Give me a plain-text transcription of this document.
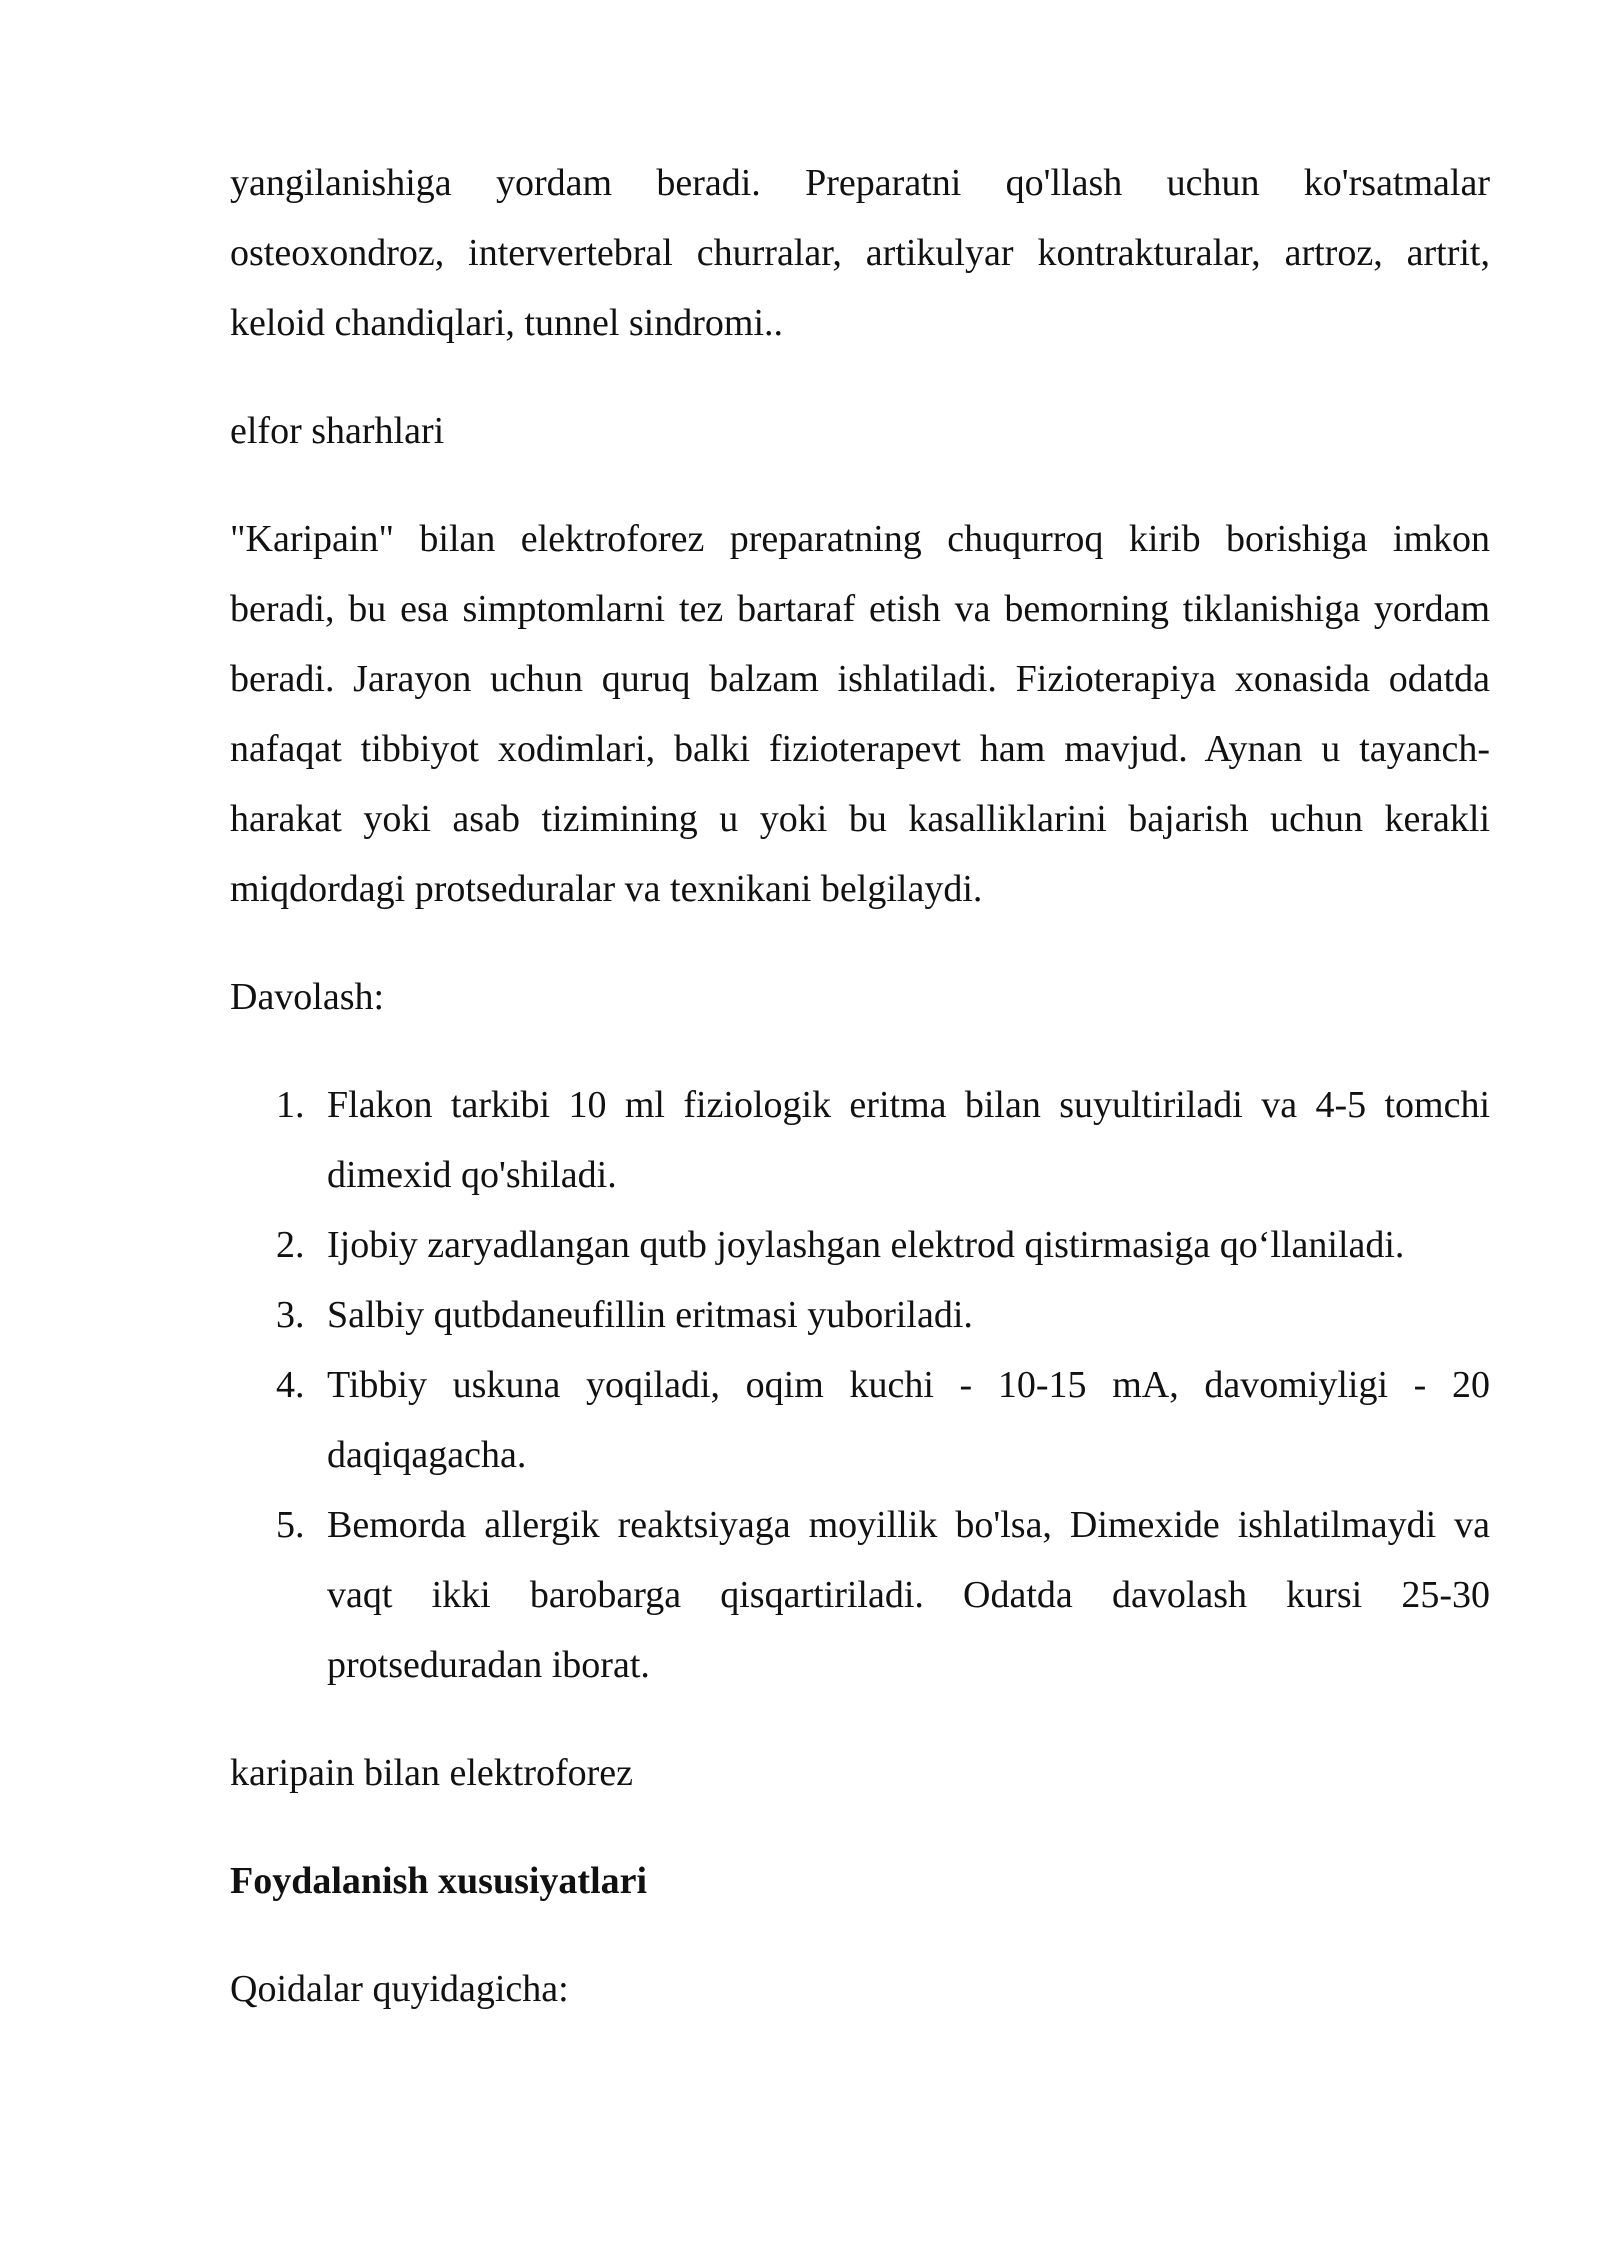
yangilanishiga yordam beradi. Preparatni qo'llash uchun ko'rsatmalar osteoxondroz, intervertebral churralar, artikulyar kontrakturalar, artroz, artrit, keloid chandiqlari, tunnel sindromi..

elfor sharhlari

"Karipain" bilan elektroforez preparatning chuqurroq kirib borishiga imkon beradi, bu esa simptomlarni tez bartaraf etish va bemorning tiklanishiga yordam beradi. Jarayon uchun quruq balzam ishlatiladi. Fizioterapiya xonasida odatda nafaqat tibbiyot xodimlari, balki fizioterapevt ham mavjud. Aynan u tayanch-harakat yoki asab tizimining u yoki bu kasalliklarini bajarish uchun kerakli miqdordagi protseduralar va texnikani belgilaydi.

Davolash:

1. Flakon tarkibi 10 ml fiziologik eritma bilan suyultiriladi va 4-5 tomchi dimexid qo'shiladi.
2. Ijobiy zaryadlangan qutb joylashgan elektrod qistirmasiga qo‘llaniladi.
3. Salbiy qutbdaneufillin eritmasi yuboriladi.
4. Tibbiy uskuna yoqiladi, oqim kuchi - 10-15 mA, davomiyligi - 20 daqiqagacha.
5. Bemorda allergik reaktsiyaga moyillik bo'lsa, Dimexide ishlatilmaydi va vaqt ikki barobarga qisqartiriladi. Odatda davolash kursi 25-30 protseduradan iborat.

karipain bilan elektroforez

Foydalanish xususiyatlari

Qoidalar quyidagicha:
